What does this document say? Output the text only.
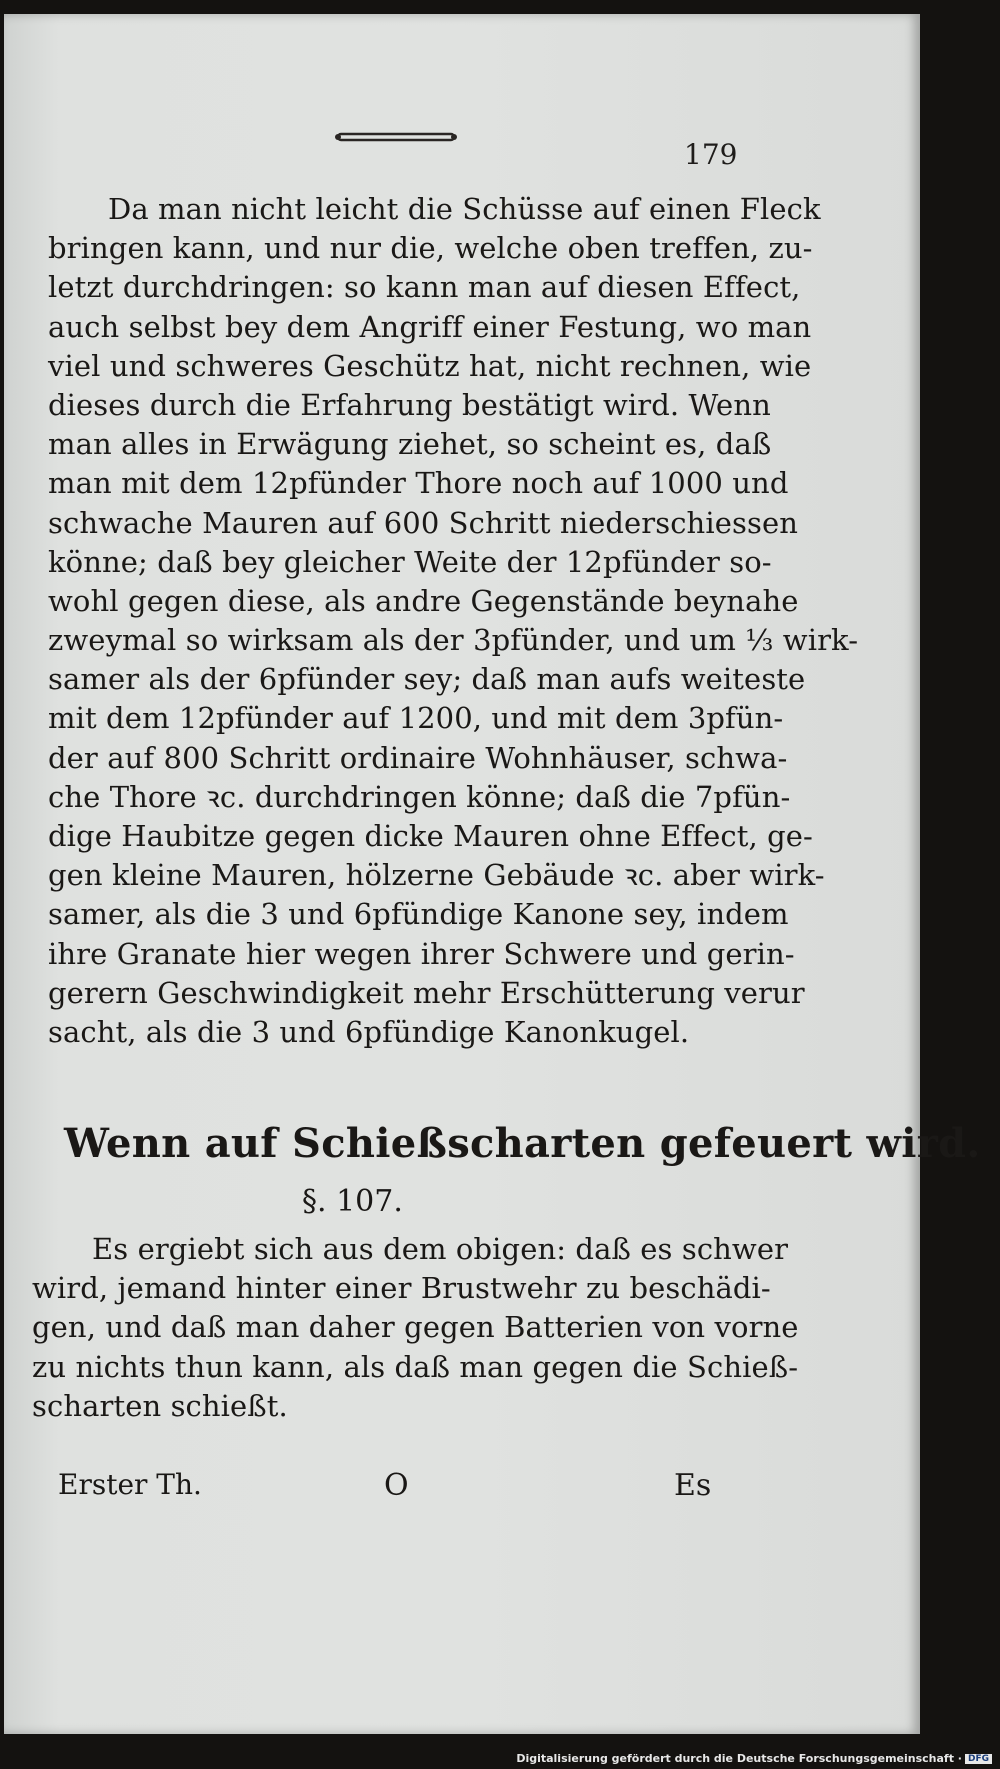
179

Da man nicht leicht die Schüsse auf einen Fleck
bringen kann, und nur die, welche oben treffen, zu-
letzt durchdringen: so kann man auf diesen Effect,
auch selbst bey dem Angriff einer Festung, wo man
viel und schweres Geschütz hat, nicht rechnen, wie
dieses durch die Erfahrung bestätigt wird. Wenn
man alles in Erwägung ziehet, so scheint es, daß
man mit dem 12pfünder Thore noch auf 1000 und
schwache Mauren auf 600 Schritt niederschiessen
könne; daß bey gleicher Weite der 12pfünder so-
wohl gegen diese, als andre Gegenstände beynahe
zweymal so wirksam als der 3pfünder, und um ⅓ wirk-
samer als der 6pfünder sey; daß man aufs weiteste
mit dem 12pfünder auf 1200, und mit dem 3pfün-
der auf 800 Schritt ordinaire Wohnhäuser, schwa-
che Thore ꝛc. durchdringen könne; daß die 7pfün-
dige Haubitze gegen dicke Mauren ohne Effect, ge-
gen kleine Mauren, hölzerne Gebäude ꝛc. aber wirk-
samer, als die 3 und 6pfündige Kanone sey, indem
ihre Granate hier wegen ihrer Schwere und gerin-
gerern Geschwindigkeit mehr Erschütterung verur
sacht, als die 3 und 6pfündige Kanonkugel.
Wenn auf Schießscharten gefeuert wird.

§. 107.

Es ergiebt sich aus dem obigen: daß es schwer
wird, jemand hinter einer Brustwehr zu beschädi-
gen, und daß man daher gegen Batterien von vorne
zu nichts thun kann, als daß man gegen die Schieß-
scharten schießt.
Erster Th.	O	Es
Digitalisierung gefördert durch die Deutsche Forschungsgemeinschaft · DFG
